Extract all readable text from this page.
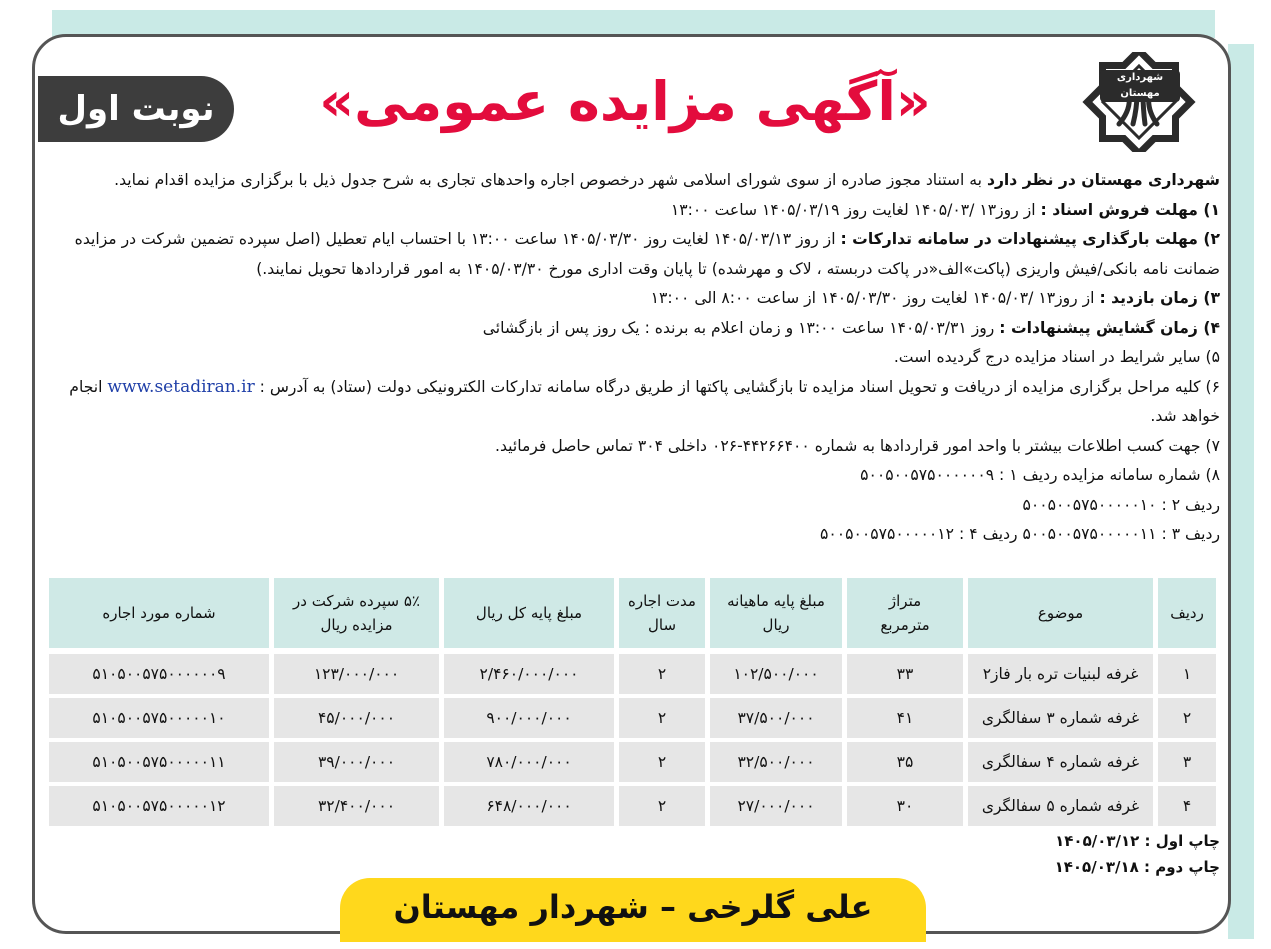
شهرداری مهستان
«آگهی مزایده عمومی»
نوبت اول

شهرداری مهستان در نظر دارد به استناد مجوز صادره از سوی شورای اسلامی شهر درخصوص اجاره واحدهای تجاری به شرح جدول ذیل با برگزاری مزایده اقدام نماید.

۱) مهلت فروش اسناد : از روز۱۳ /۱۴۰۵/۰۳ لغایت روز ۱۴۰۵/۰۳/۱۹ ساعت ۱۳:۰۰

۲) مهلت بارگذاری پیشنهادات در سامانه تدارکات : از روز ۱۴۰۵/۰۳/۱۳ لغایت روز ۱۴۰۵/۰۳/۳۰ ساعت ۱۳:۰۰ با احتساب ایام تعطیل (اصل سپرده تضمین شرکت در مزایده

ضمانت نامه بانکی/فیش واریزی (پاکت»الف«در پاکت دربسته ، لاک و مهرشده) تا پایان وقت اداری مورخ ۱۴۰۵/۰۳/۳۰ به امور قراردادها تحویل نمایند.)

۳) زمان بازدید : از روز۱۳ /۱۴۰۵/۰۳ لغایت روز ۱۴۰۵/۰۳/۳۰ از ساعت ۸:۰۰ الی ۱۳:۰۰

۴) زمان گشایش پیشنهادات : روز ۱۴۰۵/۰۳/۳۱ ساعت ۱۳:۰۰ و زمان اعلام به برنده : یک روز پس از بازگشائی

۵) سایر شرایط در اسناد مزایده درج گردیده است.

۶) کلیه مراحل برگزاری مزایده از دریافت و تحویل اسناد مزایده تا بازگشایی پاکتها از طریق درگاه سامانه تدارکات الکترونیکی دولت (ستاد) به آدرس : www.setadiran.ir انجام

خواهد شد.

۷) جهت کسب اطلاعات بیشتر با واحد امور قراردادها به شماره ۴۴۲۶۶۴۰۰-۰۲۶ داخلی ۳۰۴ تماس حاصل فرمائید.

۸) شماره سامانه مزایده ردیف ۱ : ۵۰۰۵۰۰۵۷۵۰۰۰۰۰۰۹

ردیف ۲ : ۵۰۰۵۰۰۵۷۵۰۰۰۰۰۱۰

ردیف ۳ : ۵۰۰۵۰۰۵۷۵۰۰۰۰۰۱۱ ردیف ۴ : ۵۰۰۵۰۰۵۷۵۰۰۰۰۰۱۲

ردیف
موضوع
متراژ
مترمربع
مبلغ پایه ماهیانه
ریال
مدت اجاره
سال
مبلغ پایه کل ریال
۵٪ سپرده شرکت در
مزایده ریال
شماره مورد اجاره
۱
غرفه لبنیات تره بار فاز۲
۳۳
۱۰۲/۵۰۰/۰۰۰
۲
۲/۴۶۰/۰۰۰/۰۰۰
۱۲۳/۰۰۰/۰۰۰
۵۱۰۵۰۰۵۷۵۰۰۰۰۰۰۹
۲
غرفه شماره ۳ سفالگری
۴۱
۳۷/۵۰۰/۰۰۰
۲
۹۰۰/۰۰۰/۰۰۰
۴۵/۰۰۰/۰۰۰
۵۱۰۵۰۰۵۷۵۰۰۰۰۰۱۰
۳
غرفه شماره ۴ سفالگری
۳۵
۳۲/۵۰۰/۰۰۰
۲
۷۸۰/۰۰۰/۰۰۰
۳۹/۰۰۰/۰۰۰
۵۱۰۵۰۰۵۷۵۰۰۰۰۰۱۱
۴
غرفه شماره ۵ سفالگری
۳۰
۲۷/۰۰۰/۰۰۰
۲
۶۴۸/۰۰۰/۰۰۰
۳۲/۴۰۰/۰۰۰
۵۱۰۵۰۰۵۷۵۰۰۰۰۰۱۲
چاپ اول : ۱۴۰۵/۰۳/۱۲
چاپ دوم : ۱۴۰۵/۰۳/۱۸
علی گلرخی – شهردار مهستان
